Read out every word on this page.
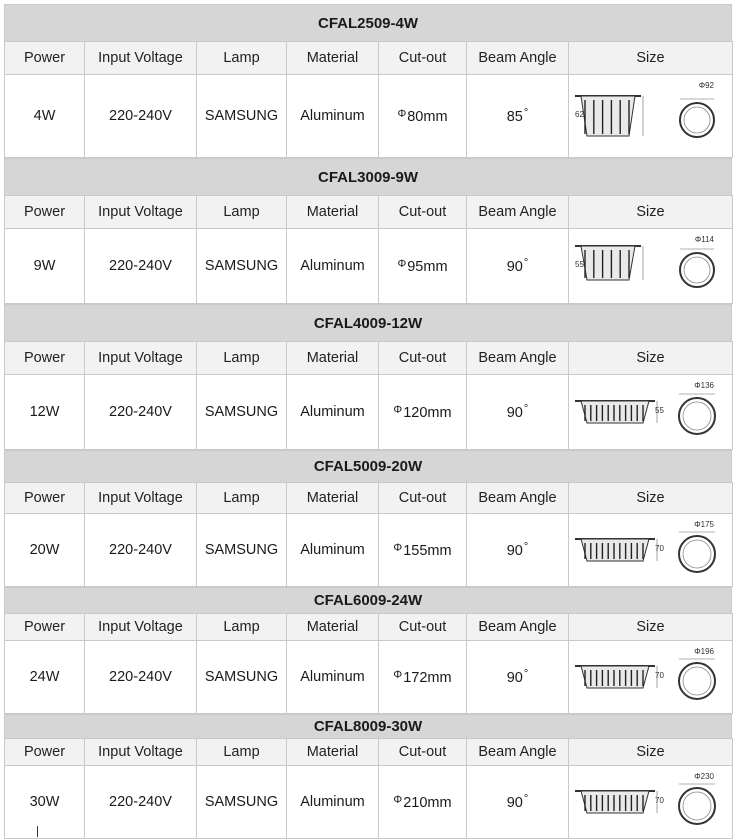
CFAL2509-4W
Power	Input Voltage	Lamp	Material	Cut-out	Beam Angle	Size
4W	220-240V	SAMSUNG	Aluminum	$^\Phi$80mm	85°	Φ92
62
CFAL3009-9W
Power	Input Voltage	Lamp	Material	Cut-out	Beam Angle	Size
9W	220-240V	SAMSUNG	Aluminum	$^\Phi$95mm	90°	Φ114
55
CFAL4009-12W
Power	Input Voltage	Lamp	Material	Cut-out	Beam Angle	Size
12W	220-240V	SAMSUNG	Aluminum	$^\Phi$120mm	90°	Φ136
55
CFAL5009-20W
Power	Input Voltage	Lamp	Material	Cut-out	Beam Angle	Size
20W	220-240V	SAMSUNG	Aluminum	$^\Phi$155mm	90°	Φ175
70
CFAL6009-24W
Power	Input Voltage	Lamp	Material	Cut-out	Beam Angle	Size
24W	220-240V	SAMSUNG	Aluminum	$^\Phi$172mm	90°	Φ196
70
CFAL8009-30W
Power	Input Voltage	Lamp	Material	Cut-out	Beam Angle	Size
30W	220-240V	SAMSUNG	Aluminum	$^\Phi$210mm	90°	Φ230
70
